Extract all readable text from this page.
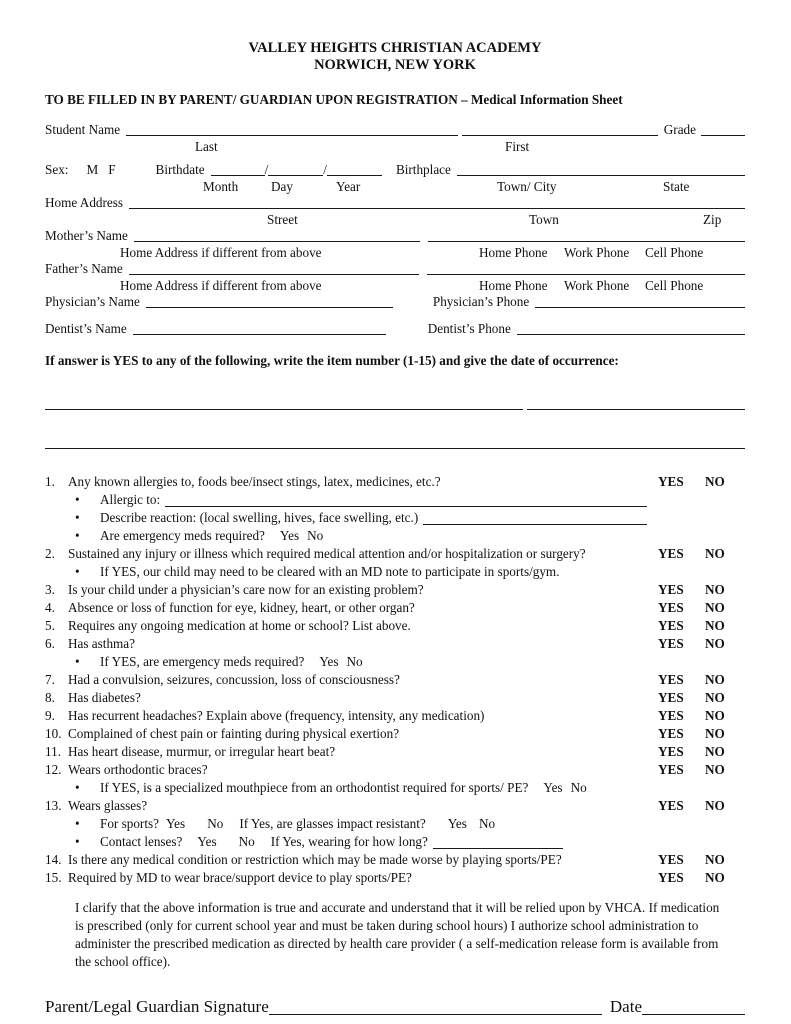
VALLEY HEIGHTS CHRISTIAN ACADEMY
NORWICH, NEW YORK
TO BE FILLED IN BY PARENT/ GUARDIAN UPON REGISTRATION – Medical Information Sheet
Student Name	Grade
Last	First
Sex: M F	Birthdate	/	/	Birthplace
Month Day	Year	Town/ City	State
Home Address
Street	Town	Zip
Mother’s Name
Home Address if different from above	Home Phone Work Phone Cell Phone
Father’s Name
Home Address if different from above	Home Phone Work Phone Cell Phone
Physician’s Name	Physician’s Phone
Dentist’s Name	Dentist’s Phone
If answer is YES to any of the following, write the item number (1-15) and give the date of occurrence:
1. Any known allergies to, foods bee/insect stings, latex, medicines, etc.?	YES	NO
•	Allergic to:
•	Describe reaction: (local swelling, hives, face swelling, etc.)
•	Are emergency meds required? Yes No
2. Sustained any injury or illness which required medical attention and/or hospitalization or surgery?	YES	NO
•	If YES, our child may need to be cleared with an MD note to participate in sports/gym.
3. Is your child under a physician’s care now for an existing problem?	YES	NO
4. Absence or loss of function for eye, kidney, heart, or other organ?	YES	NO
5. Requires any ongoing medication at home or school? List above.	YES	NO
6. Has asthma?	YES	NO
•	If YES, are emergency meds required? Yes No
7. Had a convulsion, seizures, concussion, loss of consciousness?	YES	NO
8. Has diabetes?	YES	NO
9. Has recurrent headaches? Explain above (frequency, intensity, any medication)	YES	NO
10. Complained of chest pain or fainting during physical exertion?	YES	NO
11. Has heart disease, murmur, or irregular heart beat?	YES	NO
12. Wears orthodontic braces?	YES	NO
•	If YES, is a specialized mouthpiece from an orthodontist required for sports/ PE? Yes No
13. Wears glasses?	YES	NO
•	For sports? Yes No If Yes, are glasses impact resistant? Yes No
•	Contact lenses? Yes No If Yes, wearing for how long?
14. Is there any medical condition or restriction which may be made worse by playing sports/PE?	YES	NO
15. Required by MD to wear brace/support device to play sports/PE?	YES	NO
I clarify that the above information is true and accurate and understand that it will be relied upon by VHCA. If medication is prescribed (only for current school year and must be taken during school hours) I authorize school administration to administer the prescribed medication as directed by health care provider ( a self-medication release form is available from the school office).
Parent/Legal Guardian Signature	Date
